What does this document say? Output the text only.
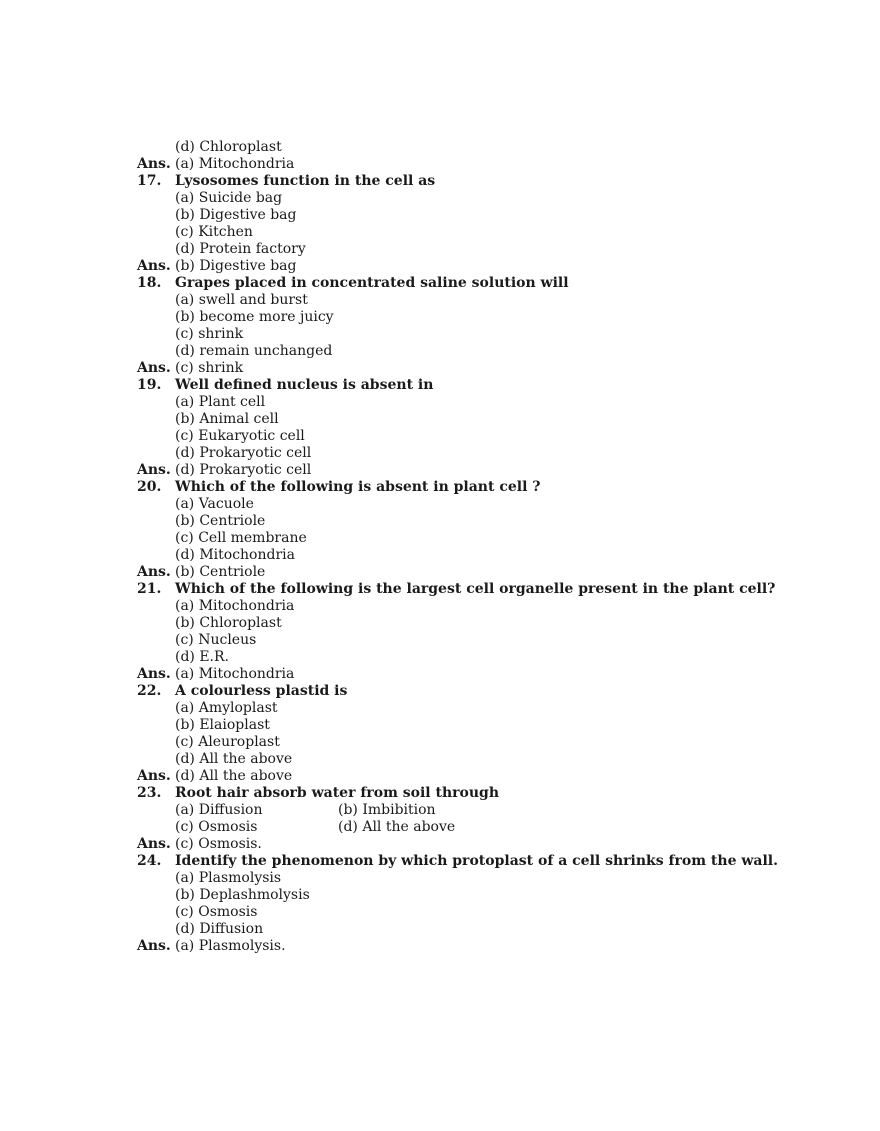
(d) Chloroplast
Ans. (a) Mitochondria
17. Lysosomes function in the cell as
(a) Suicide bag
(b) Digestive bag
(c) Kitchen
(d) Protein factory
Ans. (b) Digestive bag
18. Grapes placed in concentrated saline solution will
(a) swell and burst
(b) become more juicy
(c) shrink
(d) remain unchanged
Ans. (c) shrink
19. Well defined nucleus is absent in
(a) Plant cell
(b) Animal cell
(c) Eukaryotic cell
(d) Prokaryotic cell
Ans. (d) Prokaryotic cell
20. Which of the following is absent in plant cell ?
(a) Vacuole
(b) Centriole
(c) Cell membrane
(d) Mitochondria
Ans. (b) Centriole
21. Which of the following is the largest cell organelle present in the plant cell?
(a) Mitochondria
(b) Chloroplast
(c) Nucleus
(d) E.R.
Ans. (a) Mitochondria
22. A colourless plastid is
(a) Amyloplast
(b) Elaioplast
(c) Aleuroplast
(d) All the above
Ans. (d) All the above
23. Root hair absorb water from soil through
(a) Diffusion	(b) Imbibition
(c) Osmosis	(d) All the above
Ans. (c) Osmosis.
24. Identify the phenomenon by which protoplast of a cell shrinks from the wall.
(a) Plasmolysis
(b) Deplashmolysis
(c) Osmosis
(d) Diffusion
Ans. (a) Plasmolysis.
